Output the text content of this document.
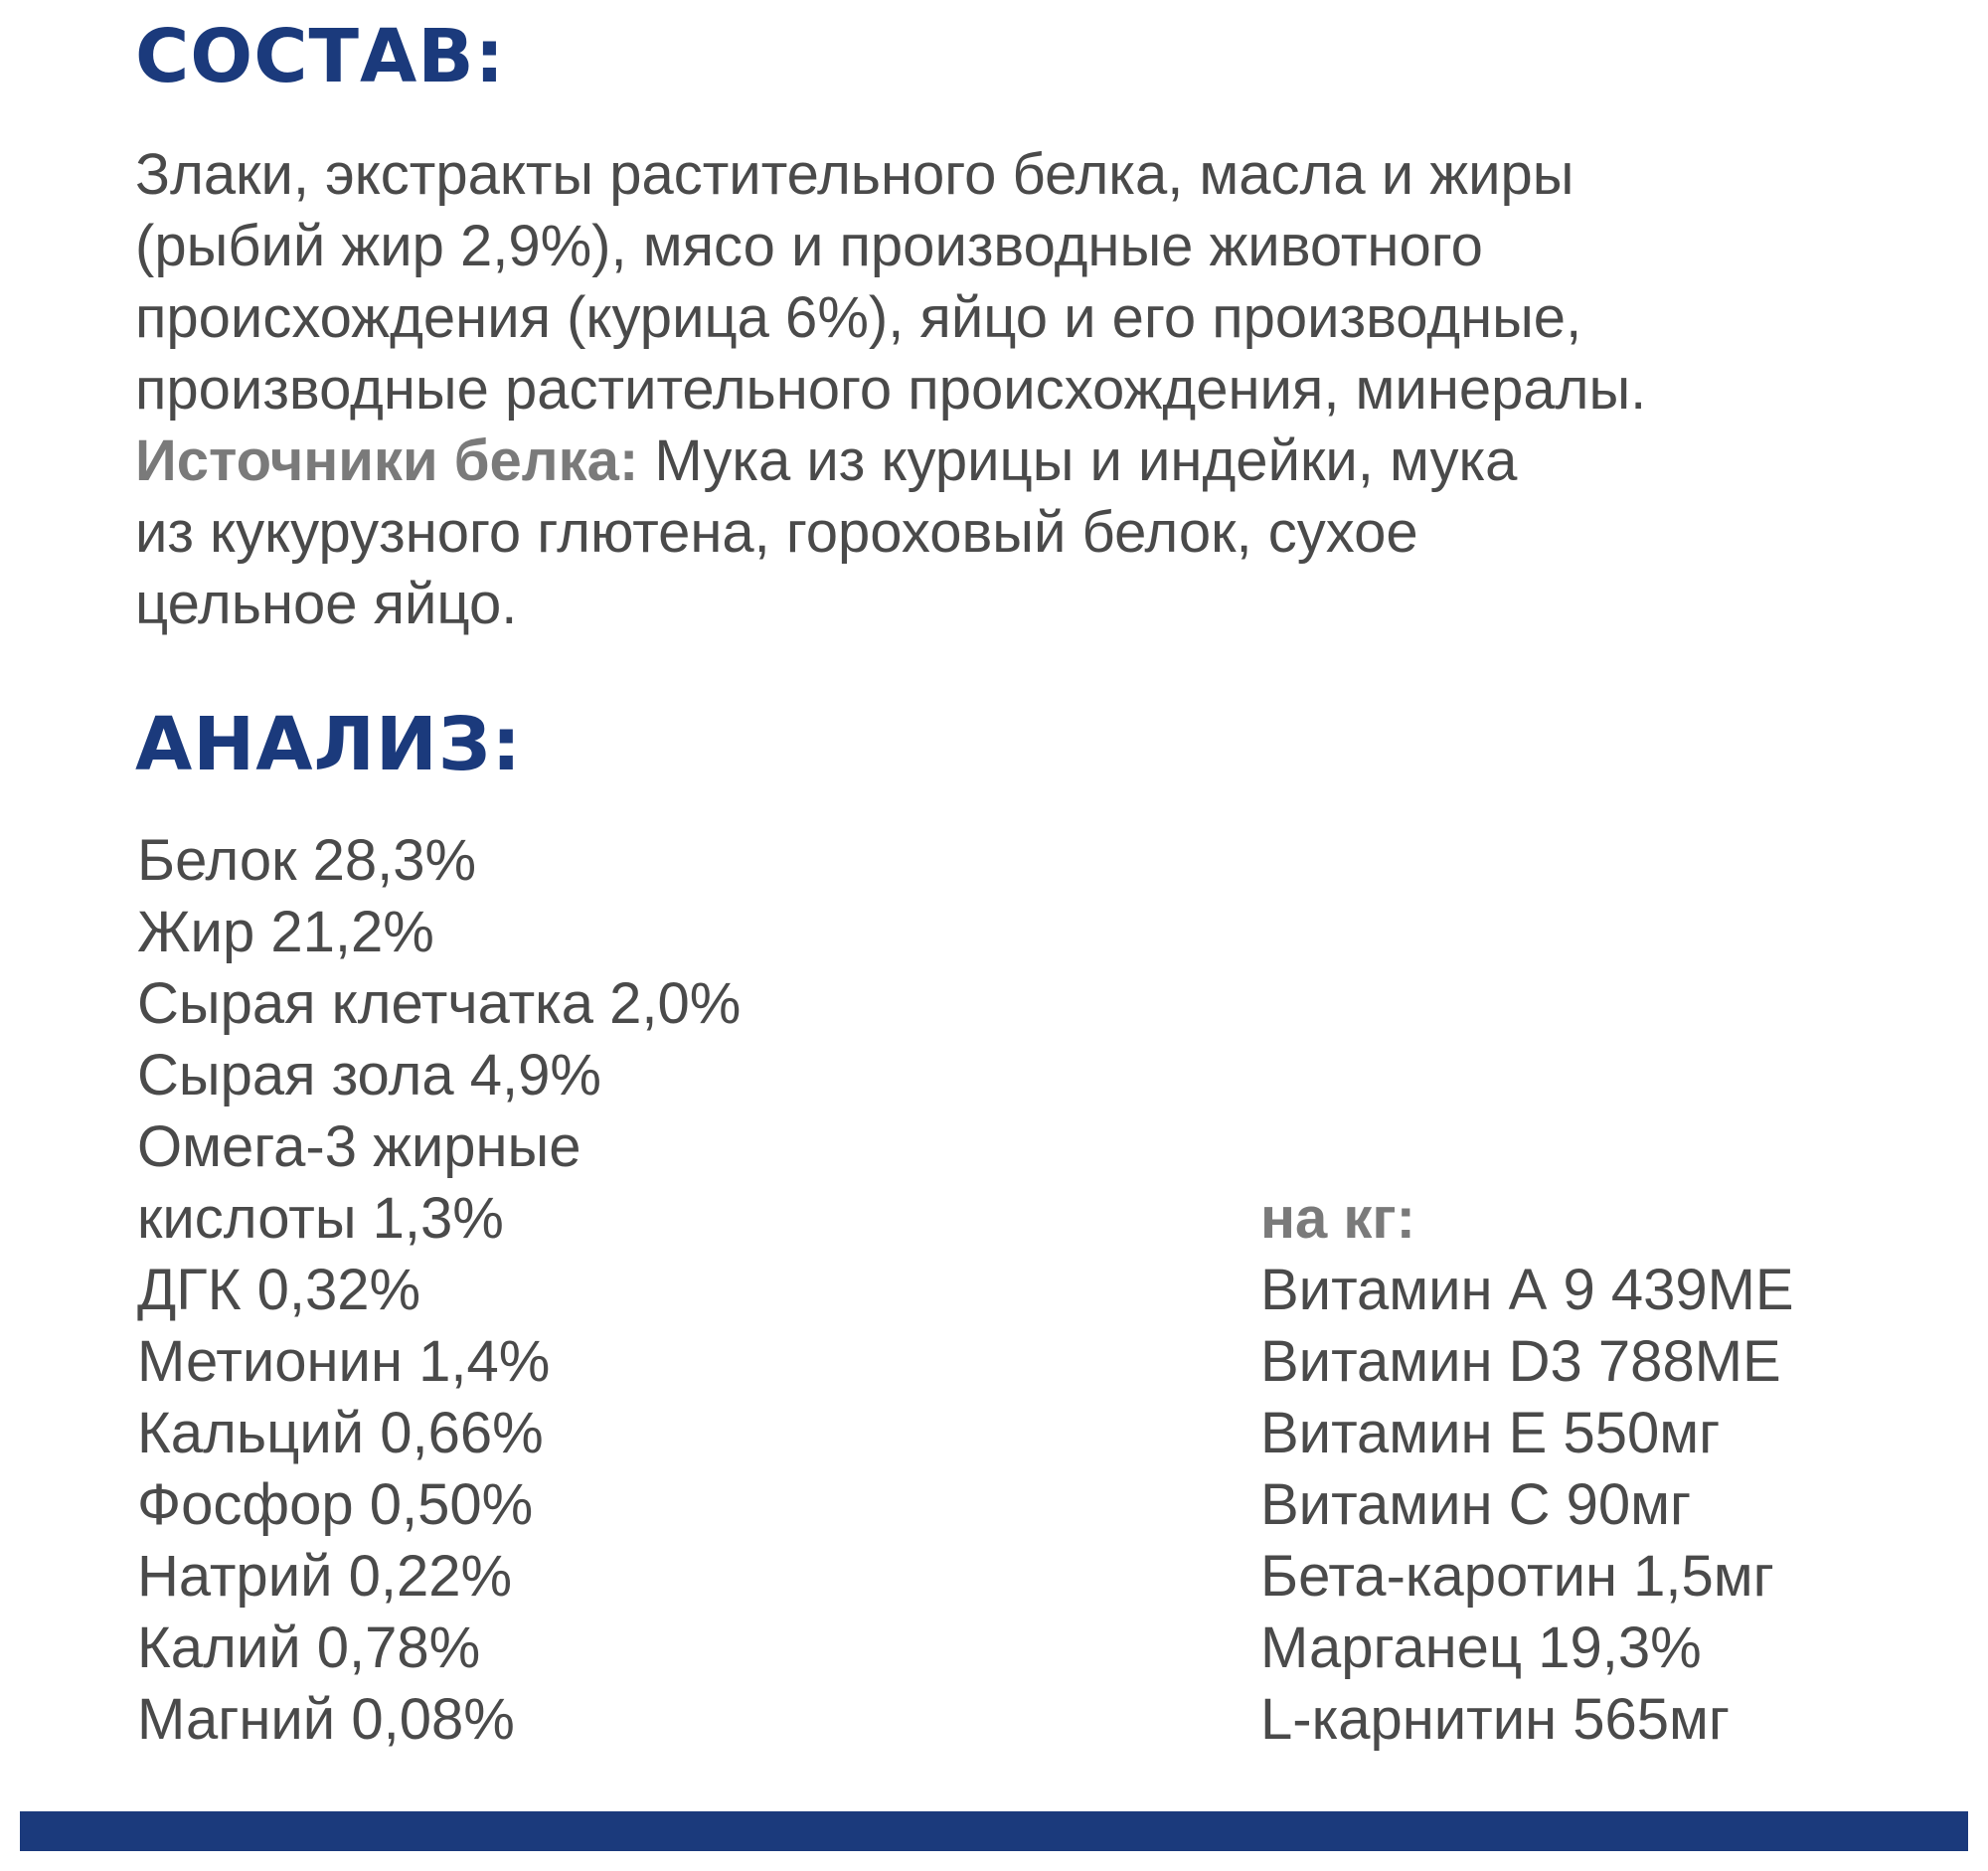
СОСТАВ:
Злаки, экстракты растительного белка, масла и жиры
(рыбий жир 2,9%), мясо и производные животного
происхождения (курица 6%), яйцо и его производные,
производные растительного происхождения, минералы.
Источники белка: Мука из курицы и индейки, мука
из кукурузного глютена, гороховый белок, сухое
цельное яйцо.
АНАЛИЗ:
Белок 28,3%
Жир 21,2%
Сырая клетчатка 2,0%
Сырая зола 4,9%
Омега-3 жирные
кислоты 1,3%
ДГК 0,32%
Метионин 1,4%
Кальций 0,66%
Фосфор 0,50%
Натрий 0,22%
Калий 0,78%
Магний 0,08%
на кг:
Витамин А 9 439МЕ
Витамин D3 788МЕ
Витамин Е 550мг
Витамин С 90мг
Бета-каротин 1,5мг
Марганец 19,3%
L-карнитин 565мг
